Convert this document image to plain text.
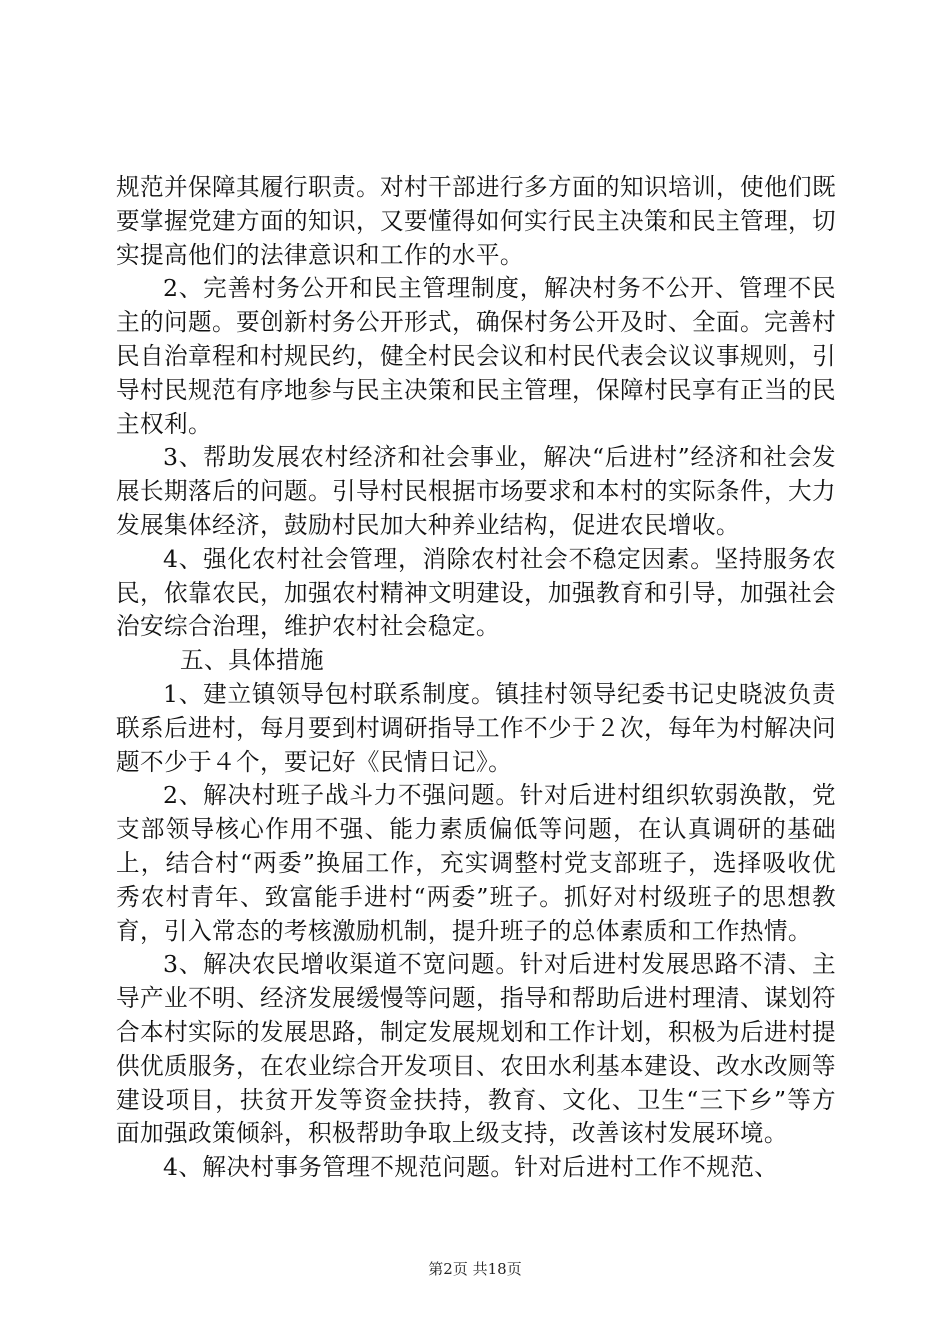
规范并保障其履行职责。对村干部进行多方面的知识培训，使他们既要掌握党建方面的知识，又要懂得如何实行民主决策和民主管理，切实提高他们的法律意识和工作的水平。

2、完善村务公开和民主管理制度，解决村务不公开、管理不民主的问题。要创新村务公开形式，确保村务公开及时、全面。完善村民自治章程和村规民约，健全村民会议和村民代表会议议事规则，引导村民规范有序地参与民主决策和民主管理，保障村民享有正当的民主权利。

3、帮助发展农村经济和社会事业，解决“后进村”经济和社会发展长期落后的问题。引导村民根据市场要求和本村的实际条件，大力发展集体经济，鼓励村民加大种养业结构，促进农民增收。

4、强化农村社会管理，消除农村社会不稳定因素。坚持服务农民，依靠农民，加强农村精神文明建设，加强教育和引导，加强社会治安综合治理，维护农村社会稳定。

五、具体措施

1、建立镇领导包村联系制度。镇挂村领导纪委书记史晓波负责联系后进村，每月要到村调研指导工作不少于２次，每年为村解决问题不少于４个，要记好《民情日记》。

2、解决村班子战斗力不强问题。针对后进村组织软弱涣散，党支部领导核心作用不强、能力素质偏低等问题，在认真调研的基础上，结合村“两委”换届工作，充实调整村党支部班子，选择吸收优秀农村青年、致富能手进村“两委”班子。抓好对村级班子的思想教育，引入常态的考核激励机制，提升班子的总体素质和工作热情。

3、解决农民增收渠道不宽问题。针对后进村发展思路不清、主导产业不明、经济发展缓慢等问题，指导和帮助后进村理清、谋划符合本村实际的发展思路，制定发展规划和工作计划，积极为后进村提供优质服务，在农业综合开发项目、农田水利基本建设、改水改厕等建设项目，扶贫开发等资金扶持，教育、文化、卫生“三下乡”等方面加强政策倾斜，积极帮助争取上级支持，改善该村发展环境。

4、解决村事务管理不规范问题。针对后进村工作不规范、

第2页 共18页
